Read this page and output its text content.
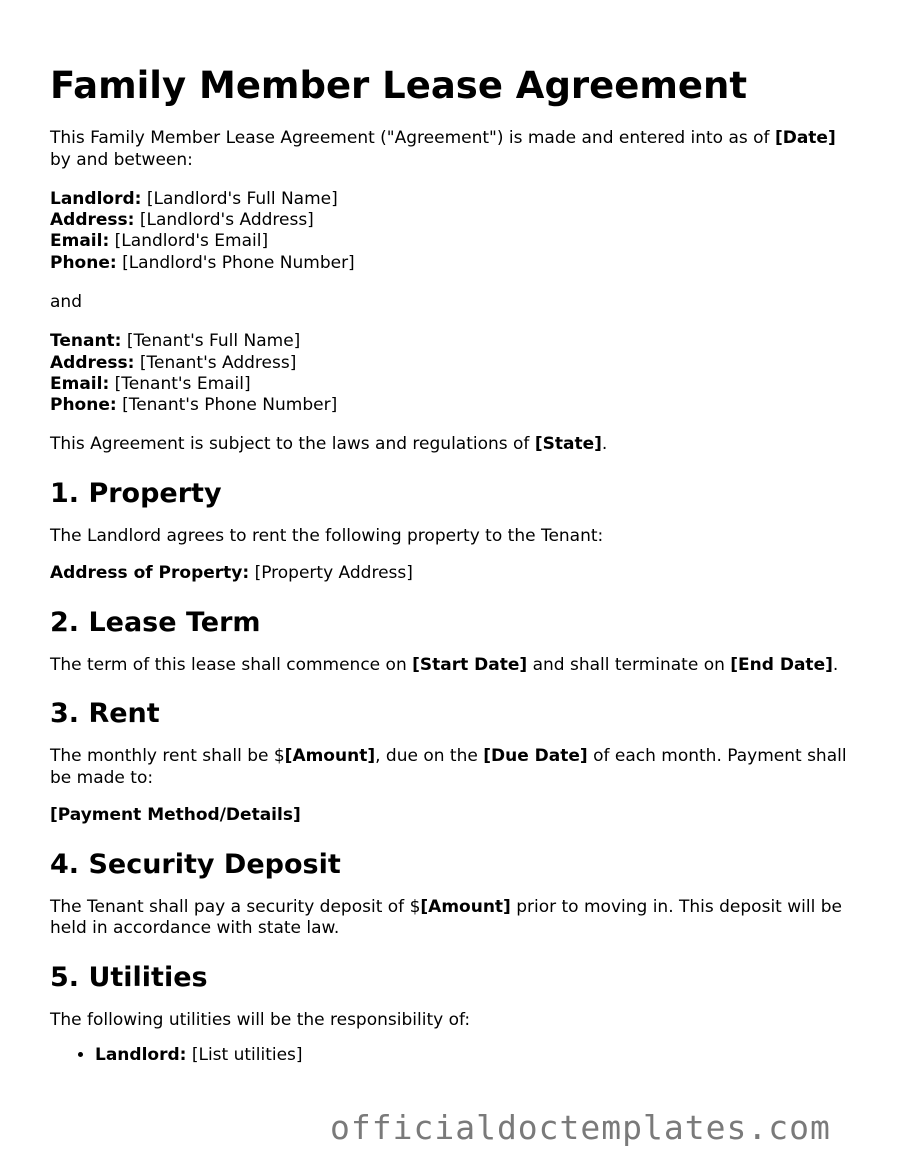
Family Member Lease Agreement

This Family Member Lease Agreement ("Agreement") is made and entered into as of [Date] by and between:

Landlord: [Landlord's Full Name]

Address: [Landlord's Address]

Email: [Landlord's Email]

Phone: [Landlord's Phone Number]

and

Tenant: [Tenant's Full Name]

Address: [Tenant's Address]

Email: [Tenant's Email]

Phone: [Tenant's Phone Number]

This Agreement is subject to the laws and regulations of [State].

1. Property

The Landlord agrees to rent the following property to the Tenant:

Address of Property: [Property Address]

2. Lease Term

The term of this lease shall commence on [Start Date] and shall terminate on [End Date].

3. Rent

The monthly rent shall be $[Amount], due on the [Due Date] of each month. Payment shall be made to:

[Payment Method/Details]

4. Security Deposit

The Tenant shall pay a security deposit of $[Amount] prior to moving in. This deposit will be held in accordance with state law.

5. Utilities

The following utilities will be the responsibility of:

• Landlord: [List utilities]
officialdoctemplates.com
